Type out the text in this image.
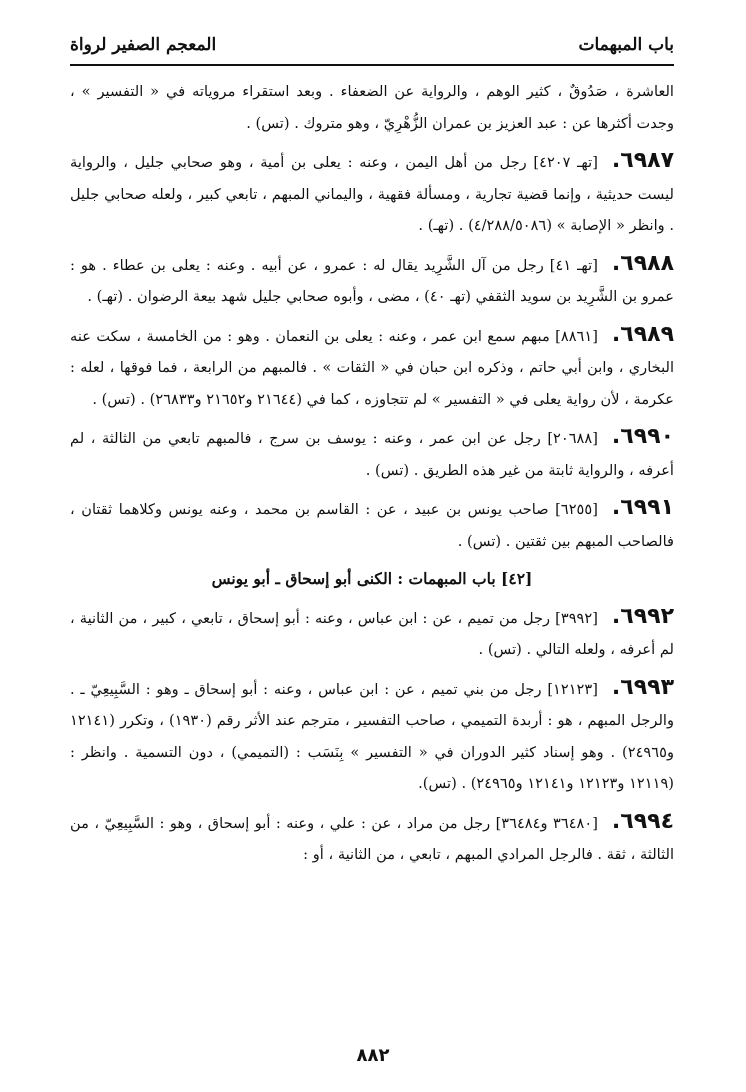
باب المبهمات
المعجم الصفير لرواة

العاشرة ، صَدُوقٌ ، كثير الوهم ، والرواية عن الضعفاء . وبعد استقراء مروياته في « التفسير » ، وجدت أكثرها عن : عبد العزيز بن عمران الزُّهْرِيّ ، وهو متروك . (تس) .

٦٩٨٧.[تهـ ٤٢٠٧] رجل من أهل اليمن ، وعنه : يعلى بن أمية ، وهو صحابي جليل ، والرواية ليست حديثية ، وإنما قضية تجارية ، ومسألة فقهية ، واليماني المبهم ، تابعي كبير ، ولعله صحابي جليل . وانظر « الإصابة » (٤/٢٨٨/٥٠٨٦) . (تهـ) .

٦٩٨٨.[تهـ ٤١] رجل من آل الشَّرِيد يقال له : عمرو ، عن أبيه . وعنه : يعلى بن عطاء . هو : عمرو بن الشَّرِيد بن سويد الثقفي (تهـ ٤٠) ، مضى ، وأبوه صحابي جليل شهد بيعة الرضوان . (تهـ) .

٦٩٨٩.[٨٨٦١] مبهم سمع ابن عمر ، وعنه : يعلى بن النعمان . وهو : من الخامسة ، سكت عنه البخاري ، وابن أبي حاتم ، وذكره ابن حبان في « الثقات » . فالمبهم من الرابعة ، فما فوقها ، لعله : عكرمة ، لأن رواية يعلى في « التفسير » لم تتجاوزه ، كما في (٢١٦٤٤ و٢١٦٥٢ و٢٦٨٣٣) . (تس) .

٦٩٩٠.[٢٠٦٨٨] رجل عن ابن عمر ، وعنه : يوسف بن سرج ، فالمبهم تابعي من الثالثة ، لم أعرفه ، والرواية ثابتة من غير هذه الطريق . (تس) .

٦٩٩١.[٦٢٥٥] صاحب يونس بن عبيد ، عن : القاسم بن محمد ، وعنه يونس وكلاهما ثقتان ، فالصاحب المبهم بين ثقتين . (تس) .

[٤٢] باب المبهمات : الكنى أبو إسحاق ـ أبو يونس

٦٩٩٢.[٣٩٩٢] رجل من تميم ، عن : ابن عباس ، وعنه : أبو إسحاق ، تابعي ، كبير ، من الثانية ، لم أعرفه ، ولعله التالي . (تس) .

٦٩٩٣.[١٢١٢٣] رجل من بني تميم ، عن : ابن عباس ، وعنه : أبو إسحاق ـ وهو : السَّبِيعِيّ ـ . والرجل المبهم ، هو : أربدة التميمي ، صاحب التفسير ، مترجم عند الأثر رقم (١٩٣٠) ، وتكرر (١٢١٤١ و٢٤٩٦٥) . وهو إسناد كثير الدوران في « التفسير » بِنَسَب : (التميمي) ، دون التسمية . وانظر : (١٢١١٩ و١٢١٢٣ و١٢١٤١ و٢٤٩٦٥) . (تس).

٦٩٩٤.[٣٦٤٨٠ و٣٦٤٨٤] رجل من مراد ، عن : علي ، وعنه : أبو إسحاق ، وهو : السَّبِيعِيّ ، من الثالثة ، ثقة . فالرجل المرادي المبهم ، تابعي ، من الثانية ، أو :

٨٨٢
